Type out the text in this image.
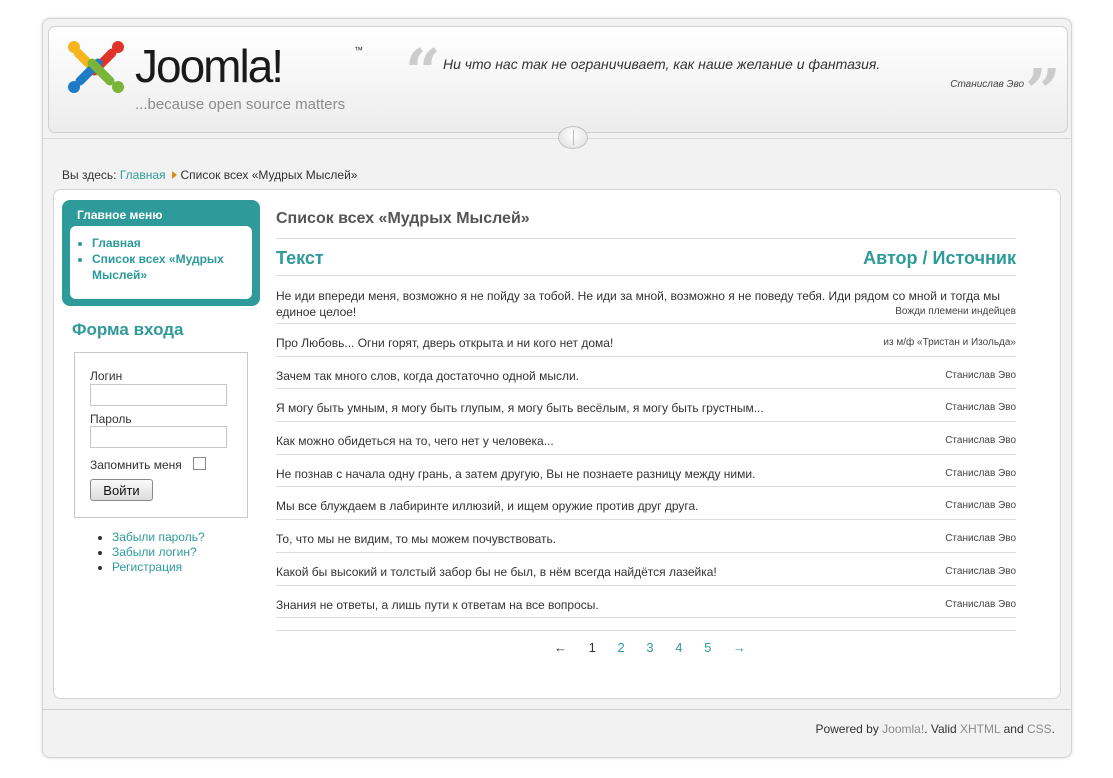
Joomla!	™
...because open source matters “ Ни что нас так не ограничивает, как наше желание и фантазия.
Станислав Эво ”
Вы здесь: Главная Список всех «Мудрых Мыслей»
Главное меню
• Главная
• Список всех «Мудрых Мыслей»
Форма входа
Логин
Пароль
Запомнить меня
Войти
• Забыли пароль?
• Забыли логин?
• Регистрация
Список всех «Мудрых Мыслей»
Текст	Автор / Источник
Не иди впереди меня, возможно я не пойду за тобой. Не иди за мной, возможно я не поведу тебя. Иди рядом со мной и тогда мы единое целое!	Вожди племени индейцев
Про Любовь... Огни горят, дверь открыта и ни кого нет дома!	из м/ф «Тристан и Изольда»
Зачем так много слов, когда достаточно одной мысли.	Станислав Эво
Я могу быть умным, я могу быть глупым, я могу быть весёлым, я могу быть грустным...	Станислав Эво
Как можно обидеться на то, чего нет у человека...	Станислав Эво
Не познав с начала одну грань, а затем другую, Вы не познаете разницу между ними.	Станислав Эво
Мы все блуждаем в лабиринте иллюзий, и ищем оружие против друг друга.	Станислав Эво
То, что мы не видим, то мы можем почувствовать.	Станислав Эво
Какой бы высокий и толстый забор бы не был, в нём всегда найдётся лазейка!	Станислав Эво
Знания не ответы, а лишь пути к ответам на все вопросы.	Станислав Эво
← 1 2 3 4 5 →
Powered by Joomla!. Valid XHTML and CSS.
